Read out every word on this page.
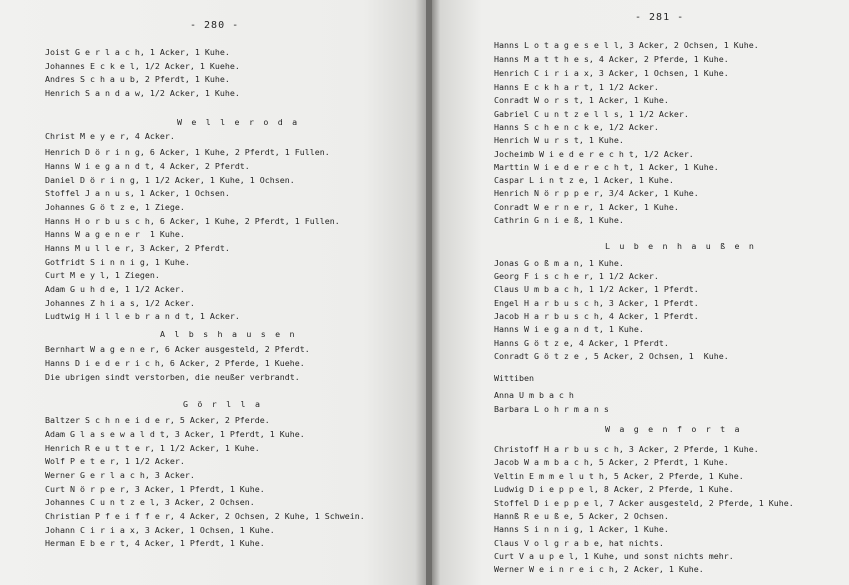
- 280 -
Joist G e r l a c h, 1 Acker, 1 Kuhe.
Johannes E c k e l, 1/2 Acker, 1 Kuehe.
Andres S c h a u b, 2 Pferdt, 1 Kuhe.
Henrich S a n d a w, 1/2 Acker, 1 Kuhe.
W e l l e r o d a
Christ M e y e r, 4 Acker.
Henrich D ö r i n g, 6 Acker, 1 Kuhe, 2 Pferdt, 1 Fullen.
Hanns W i e g a n d t, 4 Acker, 2 Pferdt.
Daniel D ö r i n g, 1 1/2 Acker, 1 Kuhe, 1 Ochsen.
Stoffel J a n u s, 1 Acker, 1 Ochsen.
Johannes G ö t z e, 1 Ziege.
Hanns H o r b u s c h, 6 Acker, 1 Kuhe, 2 Pferdt, 1 Fullen.
Hanns W a g e n e r  1 Kuhe.
Hanns M u l l e r, 3 Acker, 2 Pferdt.
Gotfridt S i n n i g, 1 Kuhe.
Curt M e y l, 1 Ziegen.
Adam G u h d e, 1 1/2 Acker.
Johannes Z h i a s, 1/2 Acker.
Ludtwig H i l l e b r a n d t, 1 Acker.
A l b s h a u s e n
Bernhart W a g e n e r, 6 Acker ausgesteld, 2 Pferdt.
Hanns D i e d e r i c h, 6 Acker, 2 Pferde, 1 Kuehe.
Die ubrigen sindt verstorben, die neußer verbrandt.
G ö r l l a
Baltzer S c h n e i d e r, 5 Acker, 2 Pferde.
Adam G l a s e w a l d t, 3 Acker, 1 Pferdt, 1 Kuhe.
Henrich R e u t t e r, 1 1/2 Acker, 1 Kuhe.
Wolf P e t e r, 1 1/2 Acker.
Werner G e r l a c h, 3 Acker.
Curt N ö r p e r, 3 Acker, 1 Pferdt, 1 Kuhe.
Johannes C u n t z e l, 3 Acker, 2 Ochsen.
Christian P f e i f f e r, 4 Acker, 2 Ochsen, 2 Kuhe, 1 Schwein.
Johann C i r i a x, 3 Acker, 1 Ochsen, 1 Kuhe.
Herman E b e r t, 4 Acker, 1 Pferdt, 1 Kuhe.
- 281 -
Hanns L o t a g e s e l l, 3 Acker, 2 Ochsen, 1 Kuhe.
Hanns M a t t h e s, 4 Acker, 2 Pferde, 1 Kuhe.
Henrich C i r i a x, 3 Acker, 1 Ochsen, 1 Kuhe.
Hanns E c k h a r t, 1 1/2 Acker.
Conradt W o r s t, 1 Acker, 1 Kuhe.
Gabriel C u n t z e l l s, 1 1/2 Acker.
Hanns S c h e n c k e, 1/2 Acker.
Henrich W u r s t, 1 Kuhe.
Jocheimb W i e d e r e c h t, 1/2 Acker.
Marttin W i e d e r e c h t, 1 Acker, 1 Kuhe.
Caspar L i n t z e, 1 Acker, 1 Kuhe.
Henrich N ö r p p e r, 3/4 Acker, 1 Kuhe.
Conradt W e r n e r, 1 Acker, 1 Kuhe.
Cathrin G n i e ß, 1 Kuhe.
L u b e n h a u ß e n
Jonas G o ß m a n, 1 Kuhe.
Georg F i s c h e r, 1 1/2 Acker.
Claus U m b a c h, 1 1/2 Acker, 1 Pferdt.
Engel H a r b u s c h, 3 Acker, 1 Pferdt.
Jacob H a r b u s c h, 4 Acker, 1 Pferdt.
Hanns W i e g a n d t, 1 Kuhe.
Hanns G ö t z e, 4 Acker, 1 Pferdt.
Conradt G ö t z e , 5 Acker, 2 Ochsen, 1  Kuhe.
Wittiben
Anna U m b a c h
Barbara L o h r m a n s
W a g e n f o r t a
Christoff H a r b u s c h, 3 Acker, 2 Pferde, 1 Kuhe.
Jacob W a m b a c h, 5 Acker, 2 Pferdt, 1 Kuhe.
Veltin E m m e l u t h, 5 Acker, 2 Pferde, 1 Kuhe.
Ludwig D i e p p e l, 8 Acker, 2 Pferde, 1 Kuhe.
Stoffel D i e p p e l, 7 Acker ausgesteld, 2 Pferde, 1 Kuhe.
Hannß R e u ß e, 5 Acker, 2 Ochsen.
Hanns S i n n i g, 1 Acker, 1 Kuhe.
Claus V o l g r a b e, hat nichts.
Curt V a u p e l, 1 Kuhe, und sonst nichts mehr.
Werner W e i n r e i c h, 2 Acker, 1 Kuhe.
